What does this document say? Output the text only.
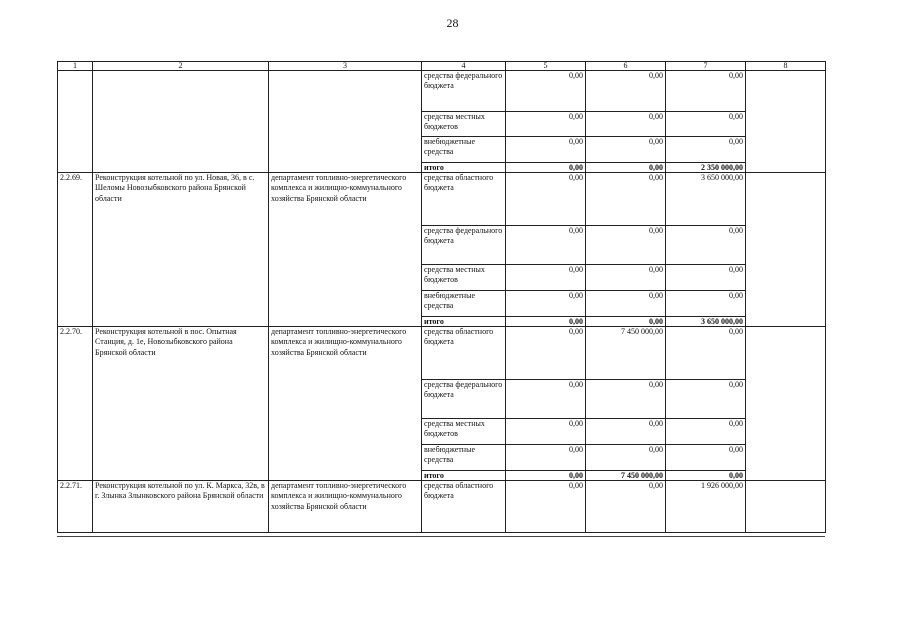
28
1	2	3	4	5	6	7	8
			средства федерального бюджета	0,00	0,00	0,00	
			средства местных бюджетов	0,00	0,00	0,00	
			внебюджетные средства	0,00	0,00	0,00	
			итого	0,00	0,00	2 350 000,00	
2.2.69.	Реконструкция котельной по ул. Новая, 36, в с. Шеломы Новозыбковского района Брянской области	департамент топливно-энергетического комплекса и жилищно-коммунального хозяйства Брянской области	средства областного бюджета	0,00	0,00	3 650 000,00	
			средства федерального бюджета	0,00	0,00	0,00	
			средства местных бюджетов	0,00	0,00	0,00	
			внебюджетные средства	0,00	0,00	0,00	
			итого	0,00	0,00	3 650 000,00	
2.2.70.	Реконструкция котельной в пос. Опытная Станция, д. 1е, Новозыбковского района Брянской области	департамент топливно-энергетического комплекса и жилищно-коммунального хозяйства Брянской области	средства областного бюджета	0,00	7 450 000,00	0,00	
			средства федерального бюджета	0,00	0,00	0,00	
			средства местных бюджетов	0,00	0,00	0,00	
			внебюджетные средства	0,00	0,00	0,00	
			итого	0,00	7 450 000,00	0,00	
2.2.71.	Реконструкция котельной по ул. К. Маркса, 32в, в г. Злынка Злынковского района Брянской области	департамент топливно-энергетического комплекса и жилищно-коммунального хозяйства Брянской области	средства областного бюджета	0,00	0,00	1 926 000,00	
